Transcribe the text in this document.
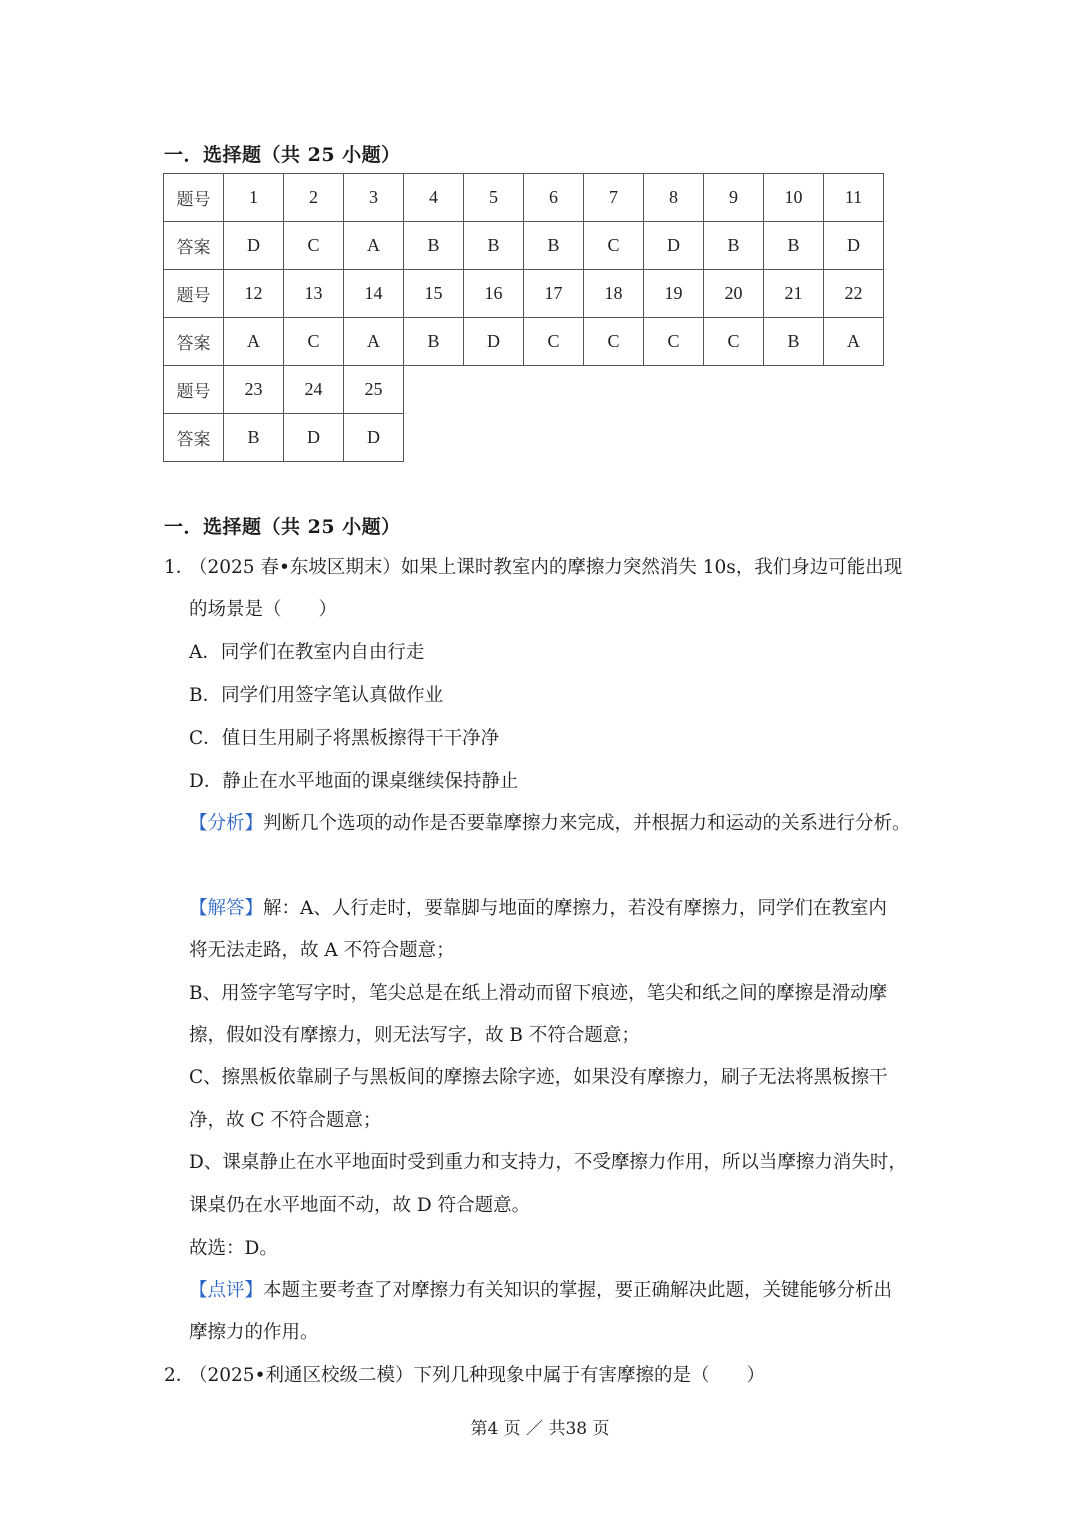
一．选择题（共 25 小题）
题号	1	2	3	4	5	6	7	8	9	10	11
答案	D	C	A	B	B	B	C	D	B	B	D
题号	12	13	14	15	16	17	18	19	20	21	22
答案	A	C	A	B	D	C	C	C	C	B	A
题号	23	24	25								
答案	B	D	D								
一．选择题（共 25 小题）
1．
（2025 春•东坡区期末）如果上课时教室内的摩擦力突然消失 10s，我们身边可能出现
的场景是（　　）
A．同学们在教室内自由行走
B．同学们用签字笔认真做作业
C．值日生用刷子将黑板擦得干干净净
D．静止在水平地面的课桌继续保持静止
【分析】判断几个选项的动作是否要靠摩擦力来完成，并根据力和运动的关系进行分析。
【解答】解：A、人行走时，要靠脚与地面的摩擦力，若没有摩擦力，同学们在教室内
将无法走路，故 A 不符合题意；
B、用签字笔写字时，笔尖总是在纸上滑动而留下痕迹，笔尖和纸之间的摩擦是滑动摩
擦，假如没有摩擦力，则无法写字，故 B 不符合题意；
C、擦黑板依靠刷子与黑板间的摩擦去除字迹，如果没有摩擦力，刷子无法将黑板擦干
净，故 C 不符合题意；
D、课桌静止在水平地面时受到重力和支持力，不受摩擦力作用，所以当摩擦力消失时，
课桌仍在水平地面不动，故 D 符合题意。
故选：D。
【点评】本题主要考查了对摩擦力有关知识的掌握，要正确解决此题，关键能够分析出
摩擦力的作用。
2．
（2025•利通区校级二模）下列几种现象中属于有害摩擦的是（　　）
第4 页 ／ 共38 页
